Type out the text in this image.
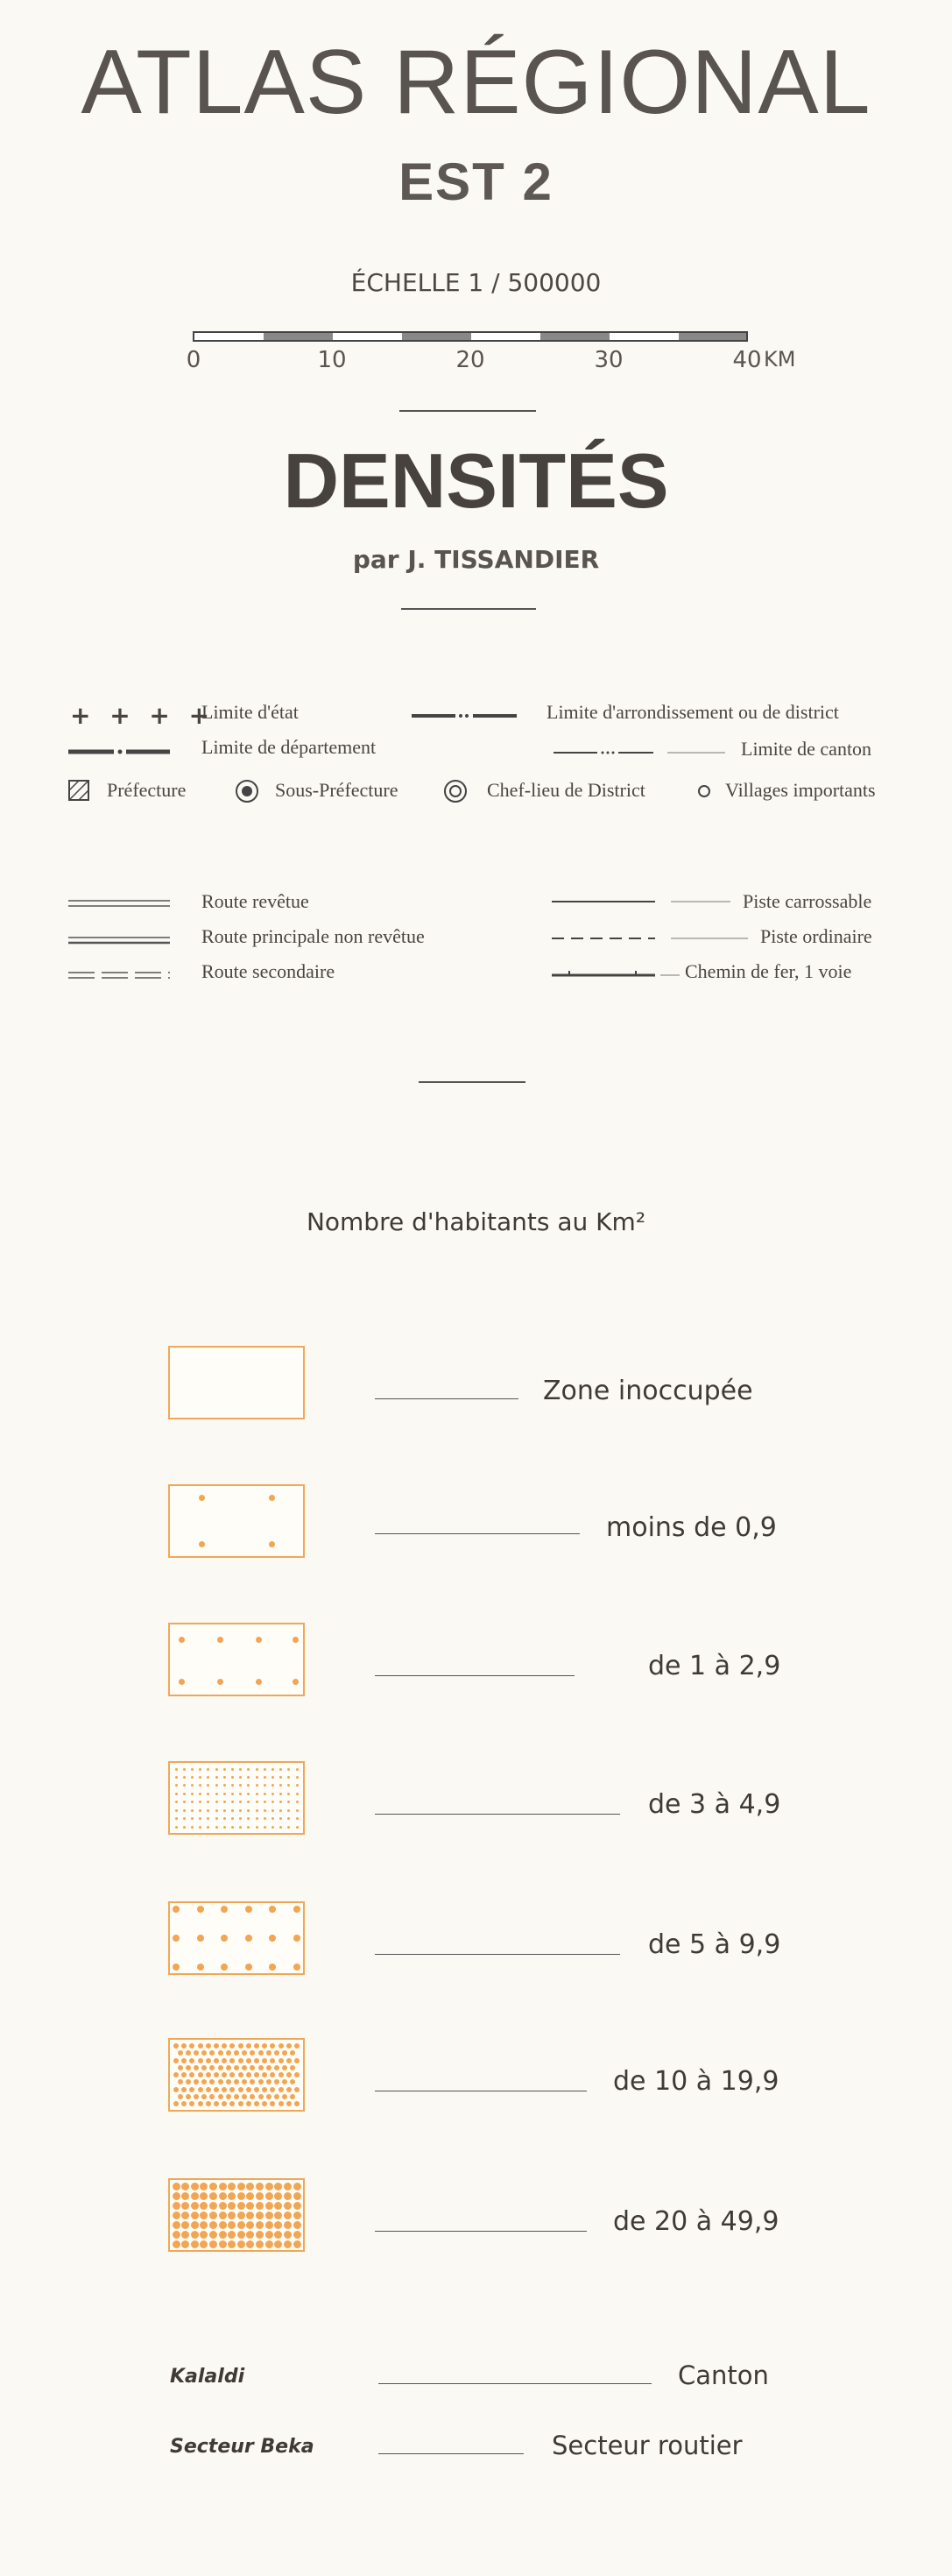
ATLAS RÉGIONAL
EST 2
ÉCHELLE 1 / 500000
0	10	20	30	40 KM
DENSITÉS
par J. TISSANDIER
+ + + +
Limite d'état
Limite de département
Limite d'arrondissement ou de district
Limite de canton
Préfecture	Sous-Préfecture	Chef-lieu de District	Villages importants
Route revêtue
Route principale non revêtue
Route secondaire
Piste carrossable
Piste ordinaire
Chemin de fer, 1 voie
Nombre d'habitants au Km²
Zone inoccupée
moins de 0,9
de 1 à 2,9
de 3 à 4,9
de 5 à 9,9
de 10 à 19,9
de 20 à 49,9
Kalaldi	Canton
Secteur Beka	Secteur routier
